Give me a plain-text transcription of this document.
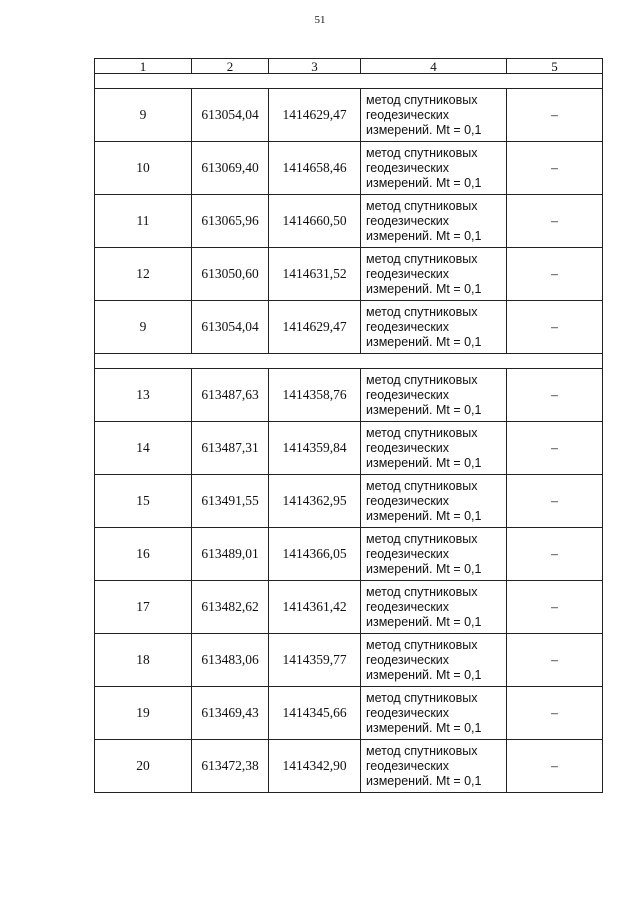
51
1	2	3	4	5

9	613054,04	1414629,47	метод спутниковых
геодезических
измерений. Mt = 0,1	–
10	613069,40	1414658,46	метод спутниковых
геодезических
измерений. Mt = 0,1	–
11	613065,96	1414660,50	метод спутниковых
геодезических
измерений. Mt = 0,1	–
12	613050,60	1414631,52	метод спутниковых
геодезических
измерений. Mt = 0,1	–
9	613054,04	1414629,47	метод спутниковых
геодезических
измерений. Mt = 0,1	–

13	613487,63	1414358,76	метод спутниковых
геодезических
измерений. Mt = 0,1	–
14	613487,31	1414359,84	метод спутниковых
геодезических
измерений. Mt = 0,1	–
15	613491,55	1414362,95	метод спутниковых
геодезических
измерений. Mt = 0,1	–
16	613489,01	1414366,05	метод спутниковых
геодезических
измерений. Mt = 0,1	–
17	613482,62	1414361,42	метод спутниковых
геодезических
измерений. Mt = 0,1	–
18	613483,06	1414359,77	метод спутниковых
геодезических
измерений. Mt = 0,1	–
19	613469,43	1414345,66	метод спутниковых
геодезических
измерений. Mt = 0,1	–
20	613472,38	1414342,90	метод спутниковых
геодезических
измерений. Mt = 0,1	–
